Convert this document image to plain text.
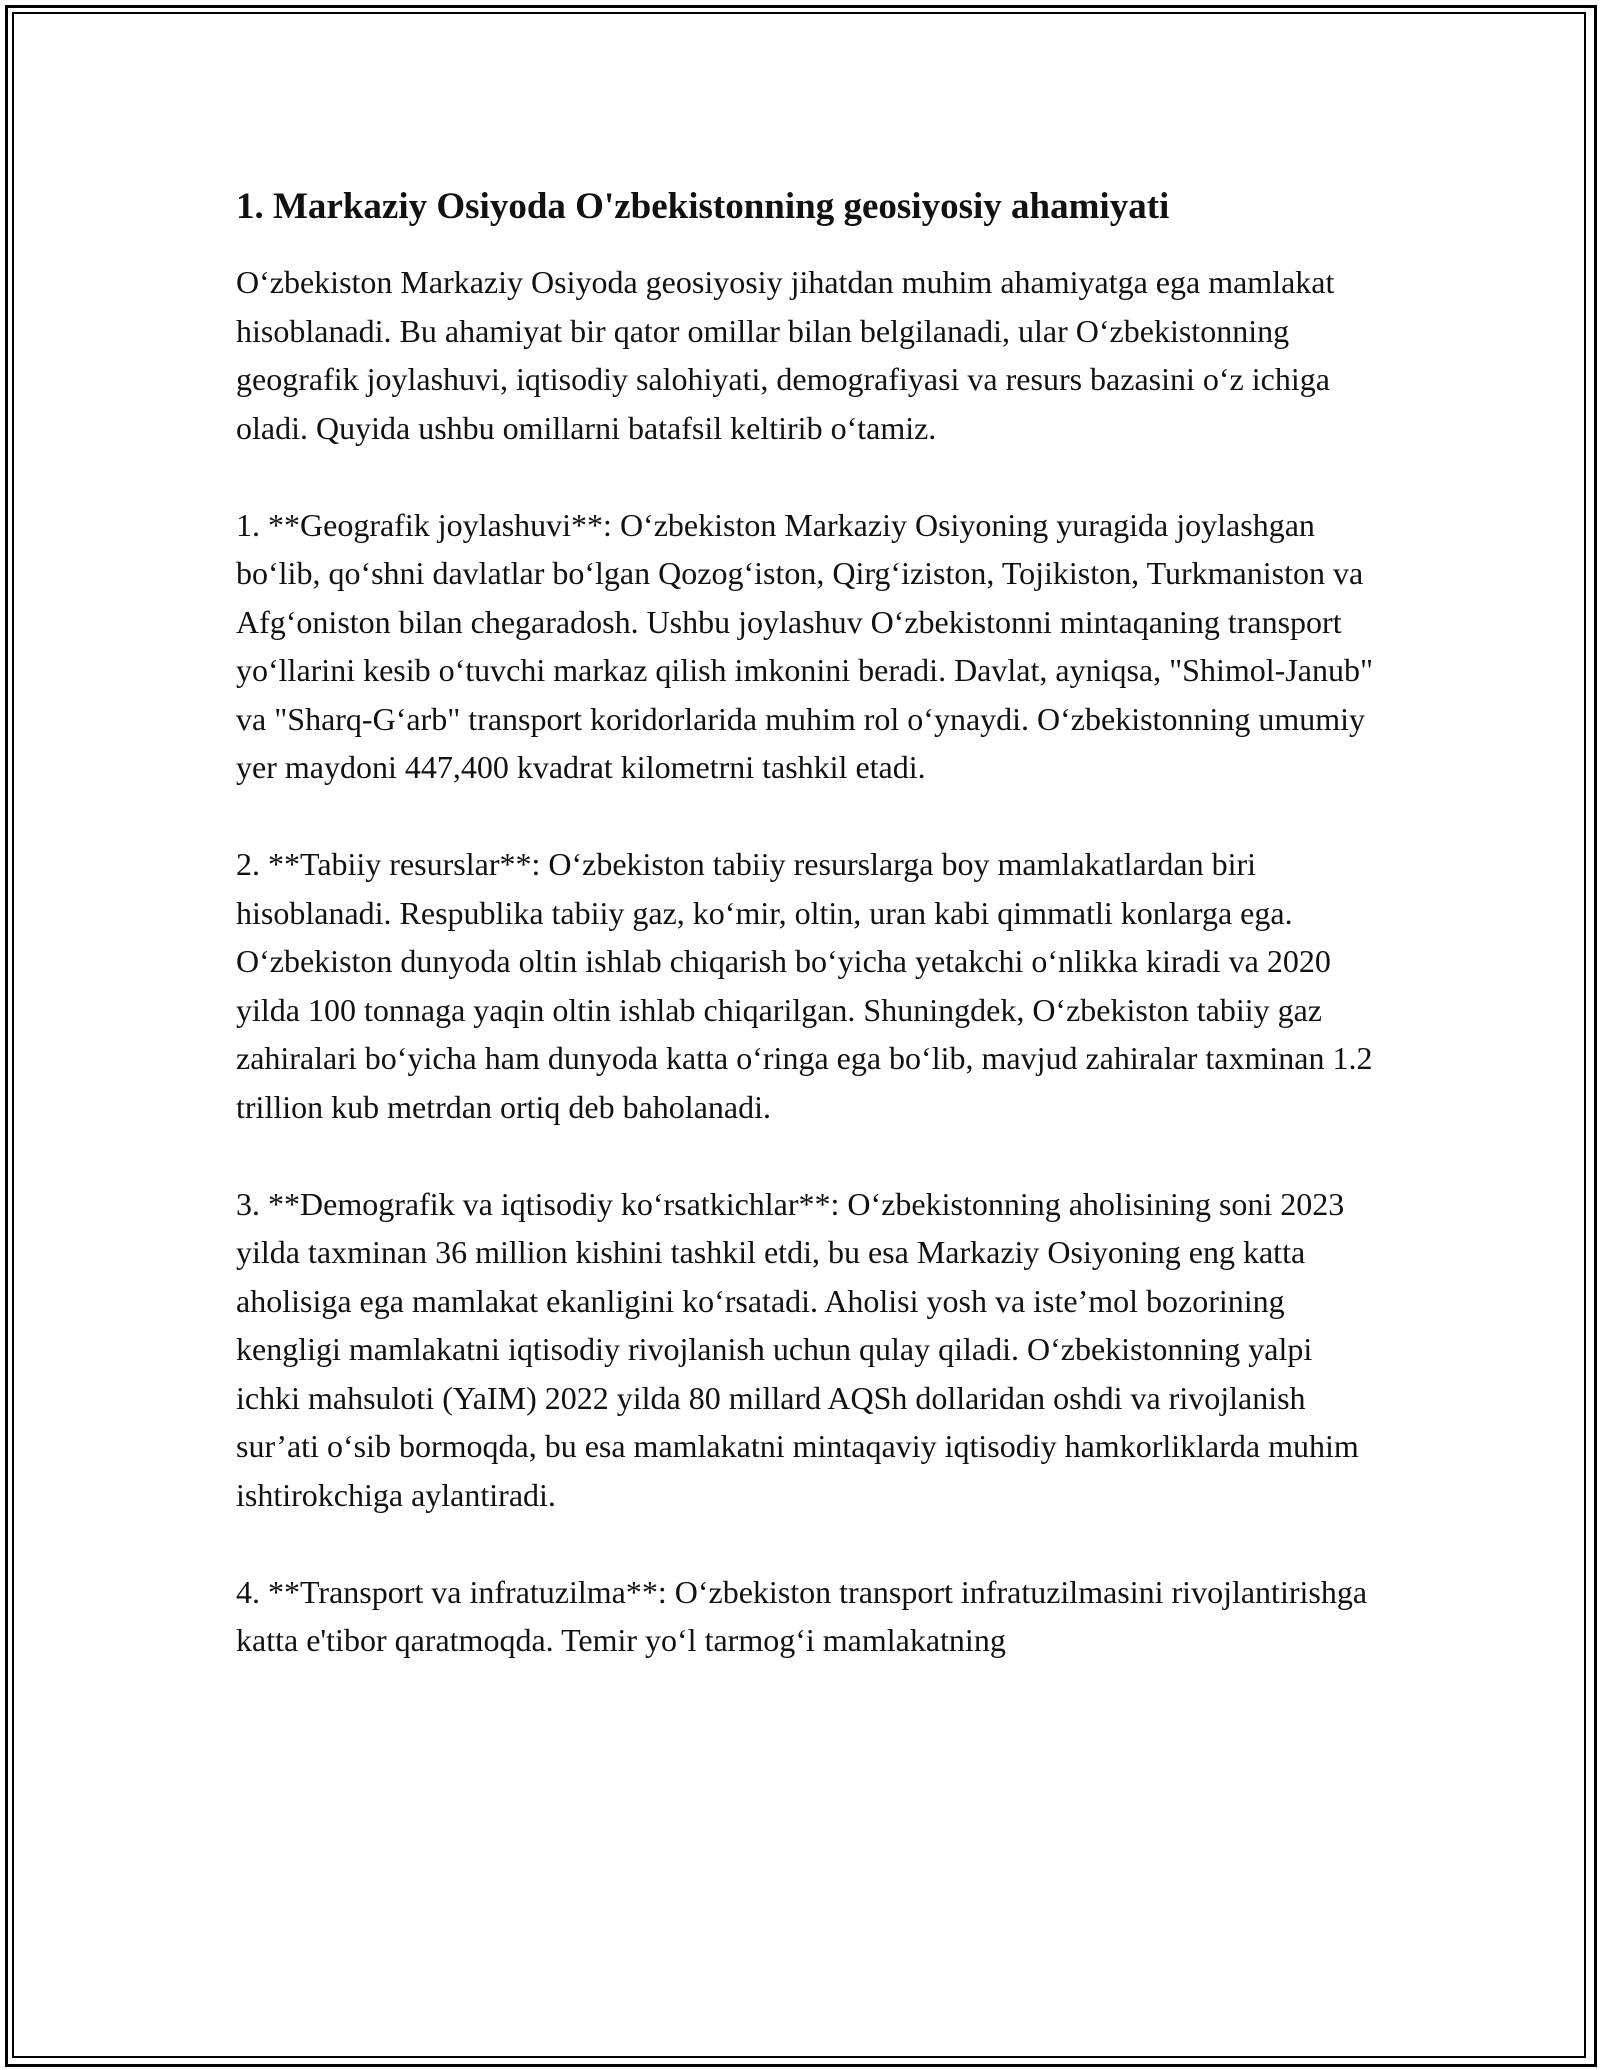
1. Markaziy Osiyoda O'zbekistonning geosiyosiy ahamiyati

O‘zbekiston Markaziy Osiyoda geosiyosiy jihatdan muhim ahamiyatga ega mamlakat hisoblanadi. Bu ahamiyat bir qator omillar bilan belgilanadi, ular O‘zbekistonning geografik joylashuvi, iqtisodiy salohiyati, demografiyasi va resurs bazasini o‘z ichiga oladi. Quyida ushbu omillarni batafsil keltirib o‘tamiz.

1. **Geografik joylashuvi**: O‘zbekiston Markaziy Osiyoning yuragida joylashgan bo‘lib, qo‘shni davlatlar bo‘lgan Qozog‘iston, Qirg‘iziston, Tojikiston, Turkmaniston va Afg‘oniston bilan chegaradosh. Ushbu joylashuv O‘zbekistonni mintaqaning transport yo‘llarini kesib o‘tuvchi markaz qilish imkonini beradi. Davlat, ayniqsa, "Shimol-Janub" va "Sharq-G‘arb" transport koridorlarida muhim rol o‘ynaydi. O‘zbekistonning umumiy yer maydoni 447,400 kvadrat kilometrni tashkil etadi.

2. **Tabiiy resurslar**: O‘zbekiston tabiiy resurslarga boy mamlakatlardan biri hisoblanadi. Respublika tabiiy gaz, ko‘mir, oltin, uran kabi qimmatli konlarga ega. O‘zbekiston dunyoda oltin ishlab chiqarish bo‘yicha yetakchi o‘nlikka kiradi va 2020 yilda 100 tonnaga yaqin oltin ishlab chiqarilgan. Shuningdek, O‘zbekiston tabiiy gaz zahiralari bo‘yicha ham dunyoda katta o‘ringa ega bo‘lib, mavjud zahiralar taxminan 1.2 trillion kub metrdan ortiq deb baholanadi.

3. **Demografik va iqtisodiy ko‘rsatkichlar**: O‘zbekistonning aholisining soni 2023 yilda taxminan 36 million kishini tashkil etdi, bu esa Markaziy Osiyoning eng katta aholisiga ega mamlakat ekanligini ko‘rsatadi. Aholisi yosh va iste’mol bozorining kengligi mamlakatni iqtisodiy rivojlanish uchun qulay qiladi. O‘zbekistonning yalpi ichki mahsuloti (YaIM) 2022 yilda 80 millard AQSh dollaridan oshdi va rivojlanish sur’ati o‘sib bormoqda, bu esa mamlakatni mintaqaviy iqtisodiy hamkorliklarda muhim ishtirokchiga aylantiradi.

4. **Transport va infratuzilma**: O‘zbekiston transport infratuzilmasini rivojlantirishga katta e'tibor qaratmoqda. Temir yo‘l tarmog‘i mamlakatning
